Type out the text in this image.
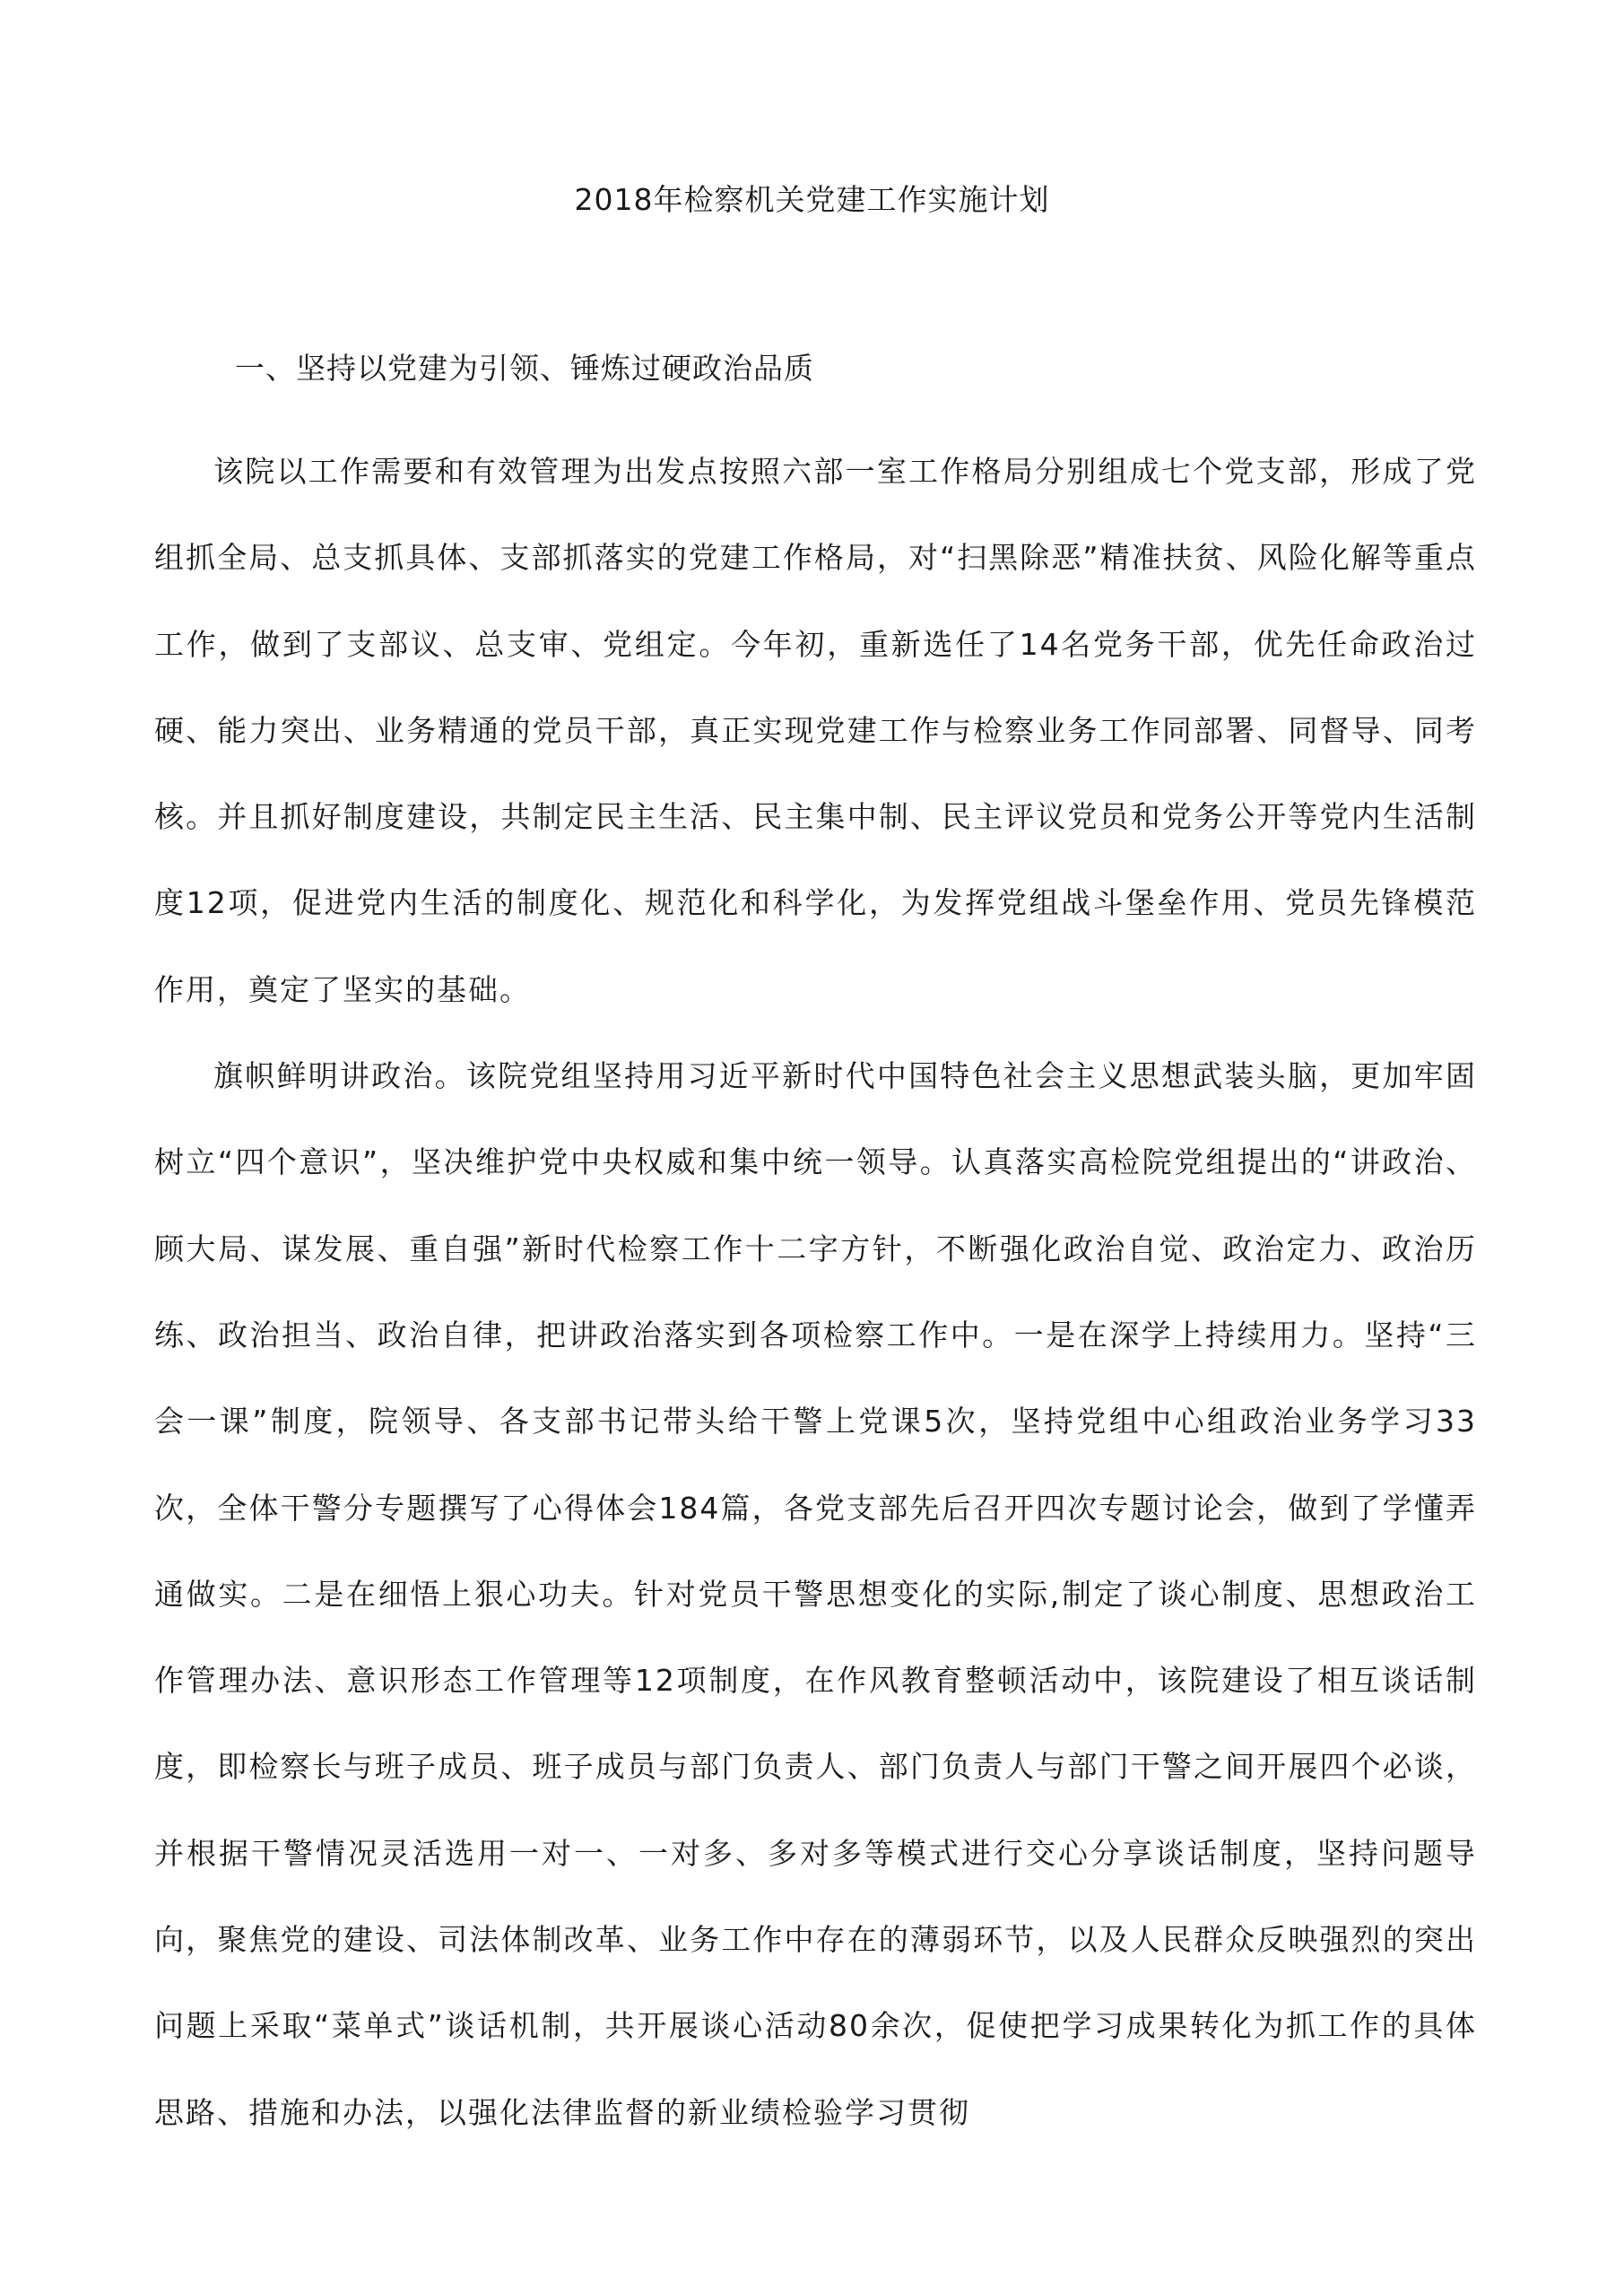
2018年检察机关党建工作实施计划
一、坚持以党建为引领、锤炼过硬政治品质

该院以工作需要和有效管理为出发点按照六部一室工作格局分别组成七个党支部，形成了党组抓全局、总支抓具体、支部抓落实的党建工作格局，对“扫黑除恶”精准扶贫、风险化解等重点工作，做到了支部议、总支审、党组定。今年初，重新选任了14名党务干部，优先任命政治过硬、能力突出、业务精通的党员干部，真正实现党建工作与检察业务工作同部署、同督导、同考核。并且抓好制度建设，共制定民主生活、民主集中制、民主评议党员和党务公开等党内生活制度12项，促进党内生活的制度化、规范化和科学化，为发挥党组战斗堡垒作用、党员先锋模范作用，奠定了坚实的基础。

旗帜鲜明讲政治。该院党组坚持用习近平新时代中国特色社会主义思想武装头脑，更加牢固树立“四个意识”，坚决维护党中央权威和集中统一领导。认真落实高检院党组提出的“讲政治、顾大局、谋发展、重自强”新时代检察工作十二字方针，不断强化政治自觉、政治定力、政治历练、政治担当、政治自律，把讲政治落实到各项检察工作中。一是在深学上持续用力。坚持“三会一课”制度，院领导、各支部书记带头给干警上党课5次，坚持党组中心组政治业务学习33次，全体干警分专题撰写了心得体会184篇，各党支部先后召开四次专题讨论会，做到了学懂弄通做实。二是在细悟上狠心功夫。针对党员干警思想变化的实际,制定了谈心制度、思想政治工作管理办法、意识形态工作管理等12项制度，在作风教育整顿活动中，该院建设了相互谈话制度，即检察长与班子成员、班子成员与部门负责人、部门负责人与部门干警之间开展四个必谈，并根据干警情况灵活选用一对一、一对多、多对多等模式进行交心分享谈话制度，坚持问题导向，聚焦党的建设、司法体制改革、业务工作中存在的薄弱环节，以及人民群众反映强烈的突出问题上采取“菜单式”谈话机制，共开展谈心活动80余次，促使把学习成果转化为抓工作的具体思路、措施和办法，以强化法律监督的新业绩检验学习贯彻
